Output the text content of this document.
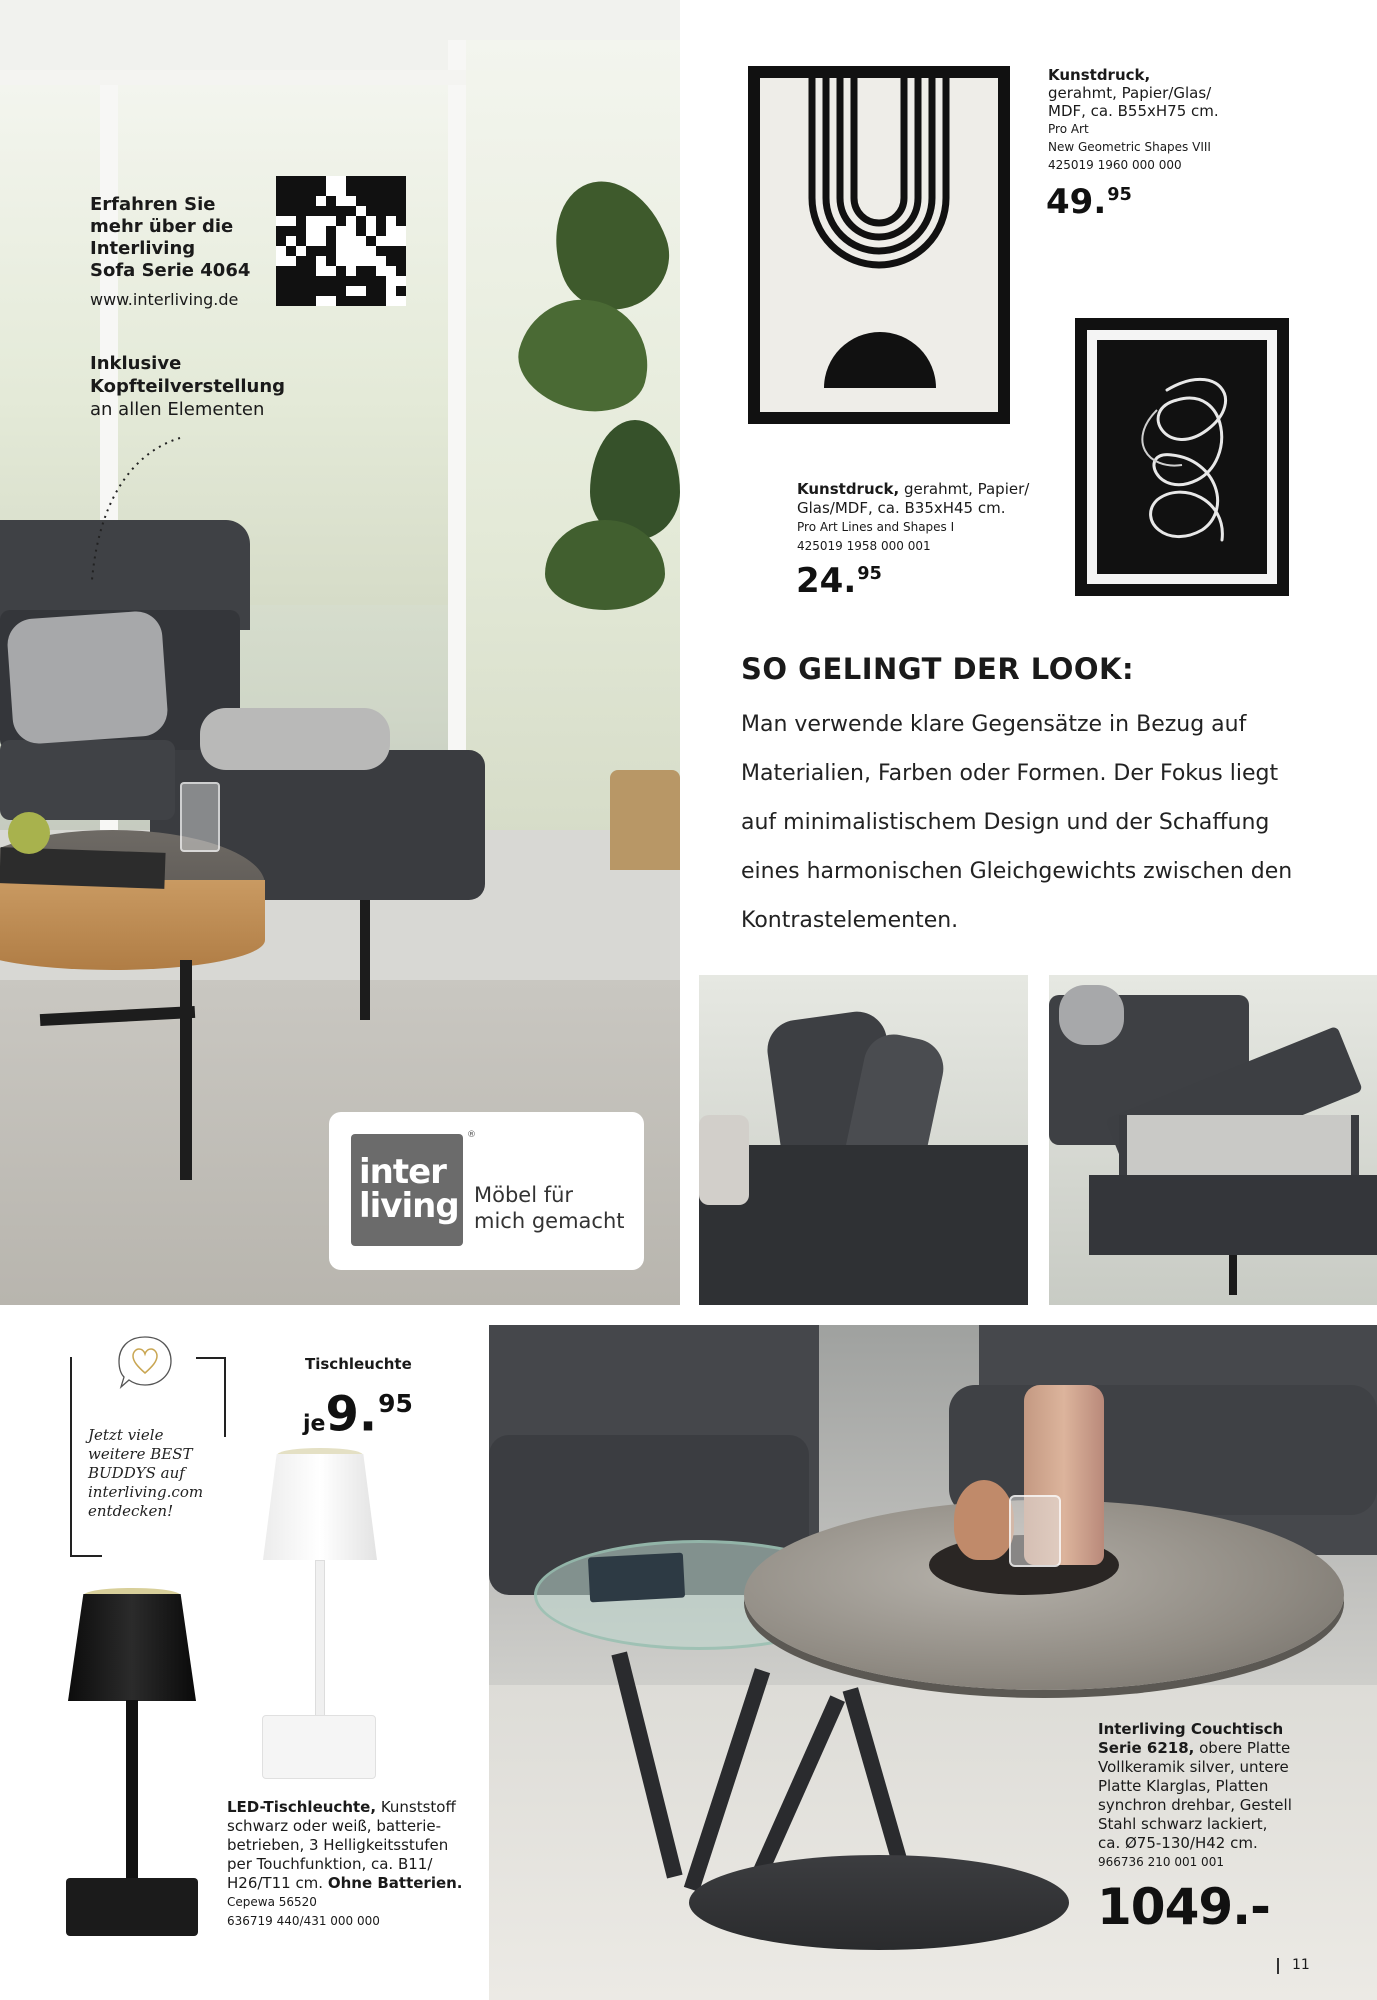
Erfahren Sie
mehr über die
Interliving
Sofa Serie 4064
www.interliving.de
Inklusive
Kopfteilverstellung
an allen Elementen
inter
living
®
Möbel für
mich gemacht
Kunstdruck,
gerahmt, Papier/Glas/
MDF, ca. B55xH75 cm.
Pro Art
New Geometric Shapes VIII
425019 1960 000 000
49.95
Kunstdruck, gerahmt, Papier/
Glas/MDF, ca. B35xH45 cm.
Pro Art Lines and Shapes I
425019 1958 000 001
24.95
SO GELINGT DER LOOK:
Man verwende klare Gegensätze in Bezug auf
Materialien, Farben oder Formen. Der Fokus liegt
auf minimalistischem Design und der Schaffung
eines harmonischen Gleichgewichts zwischen den
Kontrastelementen.
Jetzt viele
weitere BEST
BUDDYS auf
interliving.com
entdecken!
Tischleuchte
je9.95
LED-Tischleuchte, Kunststoff
schwarz oder weiß, batterie-
betrieben, 3 Helligkeitsstufen
per Touchfunktion, ca. B11/
H26/T11 cm. Ohne Batterien.
Cepewa 56520
636719 440/431 000 000
Interliving Couchtisch
Serie 6218, obere Platte
Vollkeramik silver, untere
Platte Klarglas, Platten
synchron drehbar, Gestell
Stahl schwarz lackiert,
ca. Ø75-130/H42 cm.
966736 210 001 001
1049.-
11
